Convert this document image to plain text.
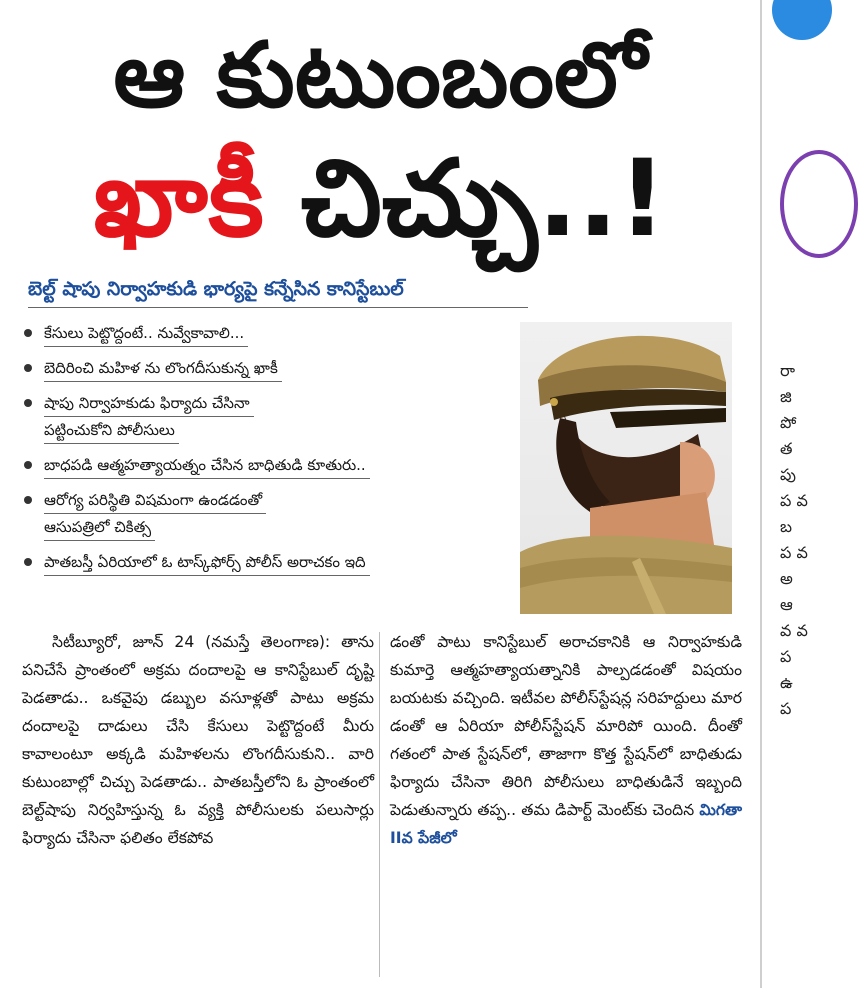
ఆ కుటుంబంలో
ఖాకీ చిచ్చు..!
బెల్ట్ షాపు నిర్వాహకుడి భార్యపై కన్నేసిన కానిస్టేబుల్
కేసులు పెట్టొద్దంటే.. నువ్వేకావాలి...
బెదిరించి మహిళ ను లొంగదీసుకున్న ఖాకీ
షాపు నిర్వాహకుడు ఫిర్యాదు చేసినా
పట్టించుకోని పోలీసులు
బాధపడి ఆత్మహత్యాయత్నం చేసిన బాధితుడి కూతురు..
ఆరోగ్య పరిస్థితి విషమంగా ఉండడంతో
ఆసుపత్రిలో చికిత్స
పాతబస్తీ ఏరియాలో ఓ టాస్క్‌ఫోర్స్ పోలీస్ అరాచకం ఇది

సిటీబ్యూరో, జూన్ 24 (నమస్తే తెలంగాణ): తాను పనిచేసే ప్రాంతంలో అక్రమ దందాలపై ఆ కానిస్టేబుల్ దృష్టి పెడతాడు.. ఒకవైపు డబ్బుల వసూళ్లతో పాటు అక్రమ దందాలపై దాడులు చేసి కేసులు పెట్టొద్దంటే మీరు కావాలంటూ అక్కడి మహిళలను లొంగదీసుకుని.. వారి కుటుంబాల్లో చిచ్చు పెడతాడు.. పాతబస్తీలోని ఓ ప్రాంతంలో బెల్ట్‌షాపు నిర్వహిస్తున్న ఓ వ్యక్తి పోలీసులకు పలుసార్లు ఫిర్యాదు చేసినా ఫలితం లేకపోవ

డంతో పాటు కానిస్టేబుల్ అరాచకానికి ఆ నిర్వాహకుడి కుమార్తె ఆత్మహత్యాయత్నానికి పాల్పడడంతో విషయం బయటకు వచ్చింది. ఇటీవల పోలీస్‌స్టేషన్ల సరిహద్దులు మార డంతో ఆ ఏరియా పోలీస్‌స్టేషన్ మారిపో యింది. దీంతో గతంలో పాత స్టేషన్‌లో, తాజాగా కొత్త స్టేషన్‌లో బాధితుడు ఫిర్యాదు చేసినా తిరిగి పోలీసులు బాధితుడినే ఇబ్బంది పెడుతున్నారు తప్ప.. తమ డిపార్ట్ మెంట్‌కు చెందిన మిగతా IIవ పేజీలో

రా జి పో త పు ప వ బ ప వ అ ఆ వ వ ప ఉ ప
